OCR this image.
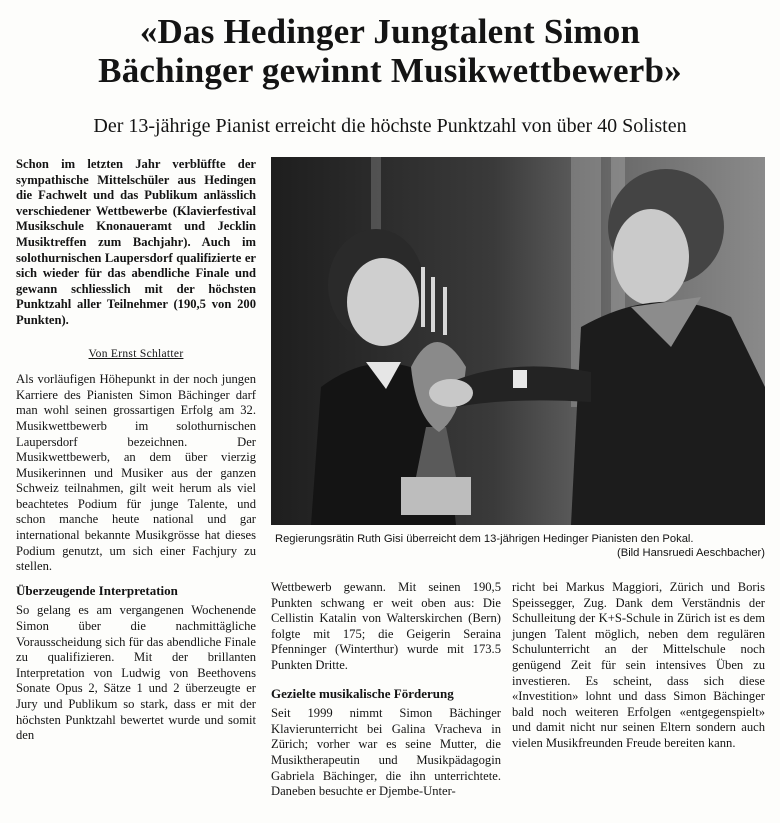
«Das Hedinger Jungtalent Simon
Bächinger gewinnt Musikwettbewerb»
Der 13-jährige Pianist erreicht die höchste Punktzahl von über 40 Solisten

Schon im letzten Jahr verblüffte der sympathische Mittelschüler aus Hedingen die Fachwelt und das Publikum anlässlich verschiedener Wettbewerbe (Klavierfestival Musikschule Knonaueramt und Jecklin Musiktreffen zum Bachjahr). Auch im solothurnischen Laupersdorf qualifizierte er sich wieder für das abendliche Finale und gewann schliesslich mit der höchsten Punktzahl aller Teilnehmer (190,5 von 200 Punkten).

Von Ernst Schlatter

Als vorläufigen Höhepunkt in der noch jungen Karriere des Pianisten Simon Bächinger darf man wohl seinen grossartigen Erfolg am 32. Musikwettbewerb im solothurnischen Laupersdorf bezeichnen. Der Musikwettbewerb, an dem über vierzig Musikerinnen und Musiker aus der ganzen Schweiz teilnahmen, gilt weit herum als viel beachtetes Podium für junge Talente, und schon manche heute national und gar international bekannte Musikgrösse hat dieses Podium genutzt, um sich einer Fachjury zu stellen.

Überzeugende Interpretation

So gelang es am vergangenen Wochenende Simon über die nachmittägliche Vorausscheidung sich für das abendliche Finale zu qualifizieren. Mit der brillanten Interpretation von Ludwig von Beethovens Sonate Opus 2, Sätze 1 und 2 überzeugte er Jury und Publikum so stark, dass er mit der höchsten Punktzahl bewertet wurde und somit den

Regierungsrätin Ruth Gisi überreicht dem 13-jährigen Hedinger Pianisten den Pokal.
(Bild Hansruedi Aeschbacher)

Wettbewerb gewann. Mit seinen 190,5 Punkten schwang er weit oben aus: Die Cellistin Katalin von Walterskirchen (Bern) folgte mit 175; die Geigerin Seraina Pfenninger (Winterthur) wurde mit 173.5 Punkten Dritte.

Gezielte musikalische Förderung

Seit 1999 nimmt Simon Bächinger Klavierunterricht bei Galina Vracheva in Zürich; vorher war es seine Mutter, die Musiktherapeutin und Musikpädagogin Gabriela Bächinger, die ihn unterrichtete. Daneben besuchte er Djembe-Unter-

richt bei Markus Maggiori, Zürich und Boris Speissegger, Zug. Dank dem Verständnis der Schulleitung der K+S-Schule in Zürich ist es dem jungen Talent möglich, neben dem regulären Schulunterricht an der Mittelschule noch genügend Zeit für sein intensives Üben zu investieren. Es scheint, dass sich diese «Investition» lohnt und dass Simon Bächinger bald noch weiteren Erfolgen «entgegenspielt» und damit nicht nur seinen Eltern sondern auch vielen Musikfreunden Freude bereiten kann.
